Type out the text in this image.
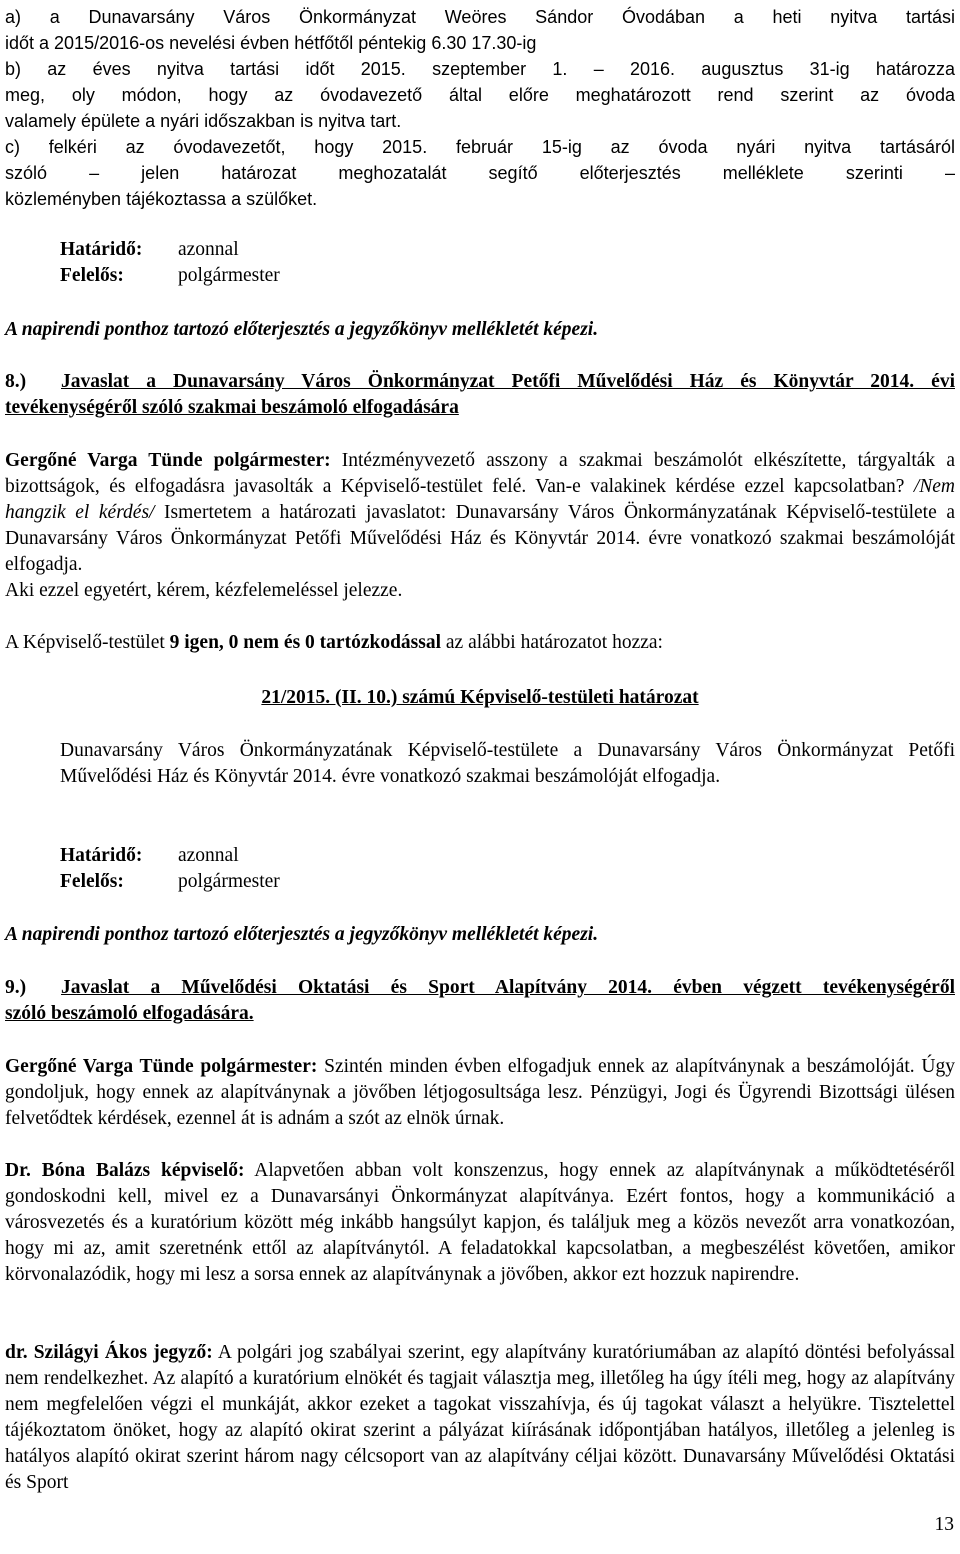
a) a Dunavarsány Város Önkormányzat Weöres Sándor Óvodában a heti nyitva tartási

időt a 2015/2016-os nevelési évben hétfőtől péntekig 6.30 17.30-ig

b) az éves nyitva tartási időt 2015. szeptember 1. – 2016. augusztus 31-ig határozza

meg, oly módon, hogy az óvodavezető által előre meghatározott rend szerint az óvoda

valamely épülete a nyári időszakban is nyitva tart.

c) felkéri az óvodavezetőt, hogy 2015. február 15-ig az óvoda nyári nyitva tartásáról

szóló – jelen határozat meghozatalát segítő előterjesztés melléklete szerinti –

közleményben tájékoztassa a szülőket.

Határidő: azonnal

Felelős:	polgármester

A napirendi ponthoz tartozó előterjesztés a jegyzőkönyv mellékletét képezi.

8.) Javaslat a Dunavarsány Város Önkormányzat Petőfi Művelődési Ház és Könyvtár 2014. évi

tevékenységéről szóló szakmai beszámoló elfogadására

Gergőné Varga Tünde polgármester: Intézményvezető asszony a szakmai beszámolót elkészítette, tárgyalták a bizottságok, és elfogadásra javasolták a Képviselő-testület felé. Van-e valakinek kérdése ezzel kapcsolatban? /Nem hangzik el kérdés/ Ismertetem a határozati javaslatot: Dunavarsány Város Önkormányzatának Képviselő-testülete a Dunavarsány Város Önkormányzat Petőfi Művelődési Ház és Könyvtár 2014. évre vonatkozó szakmai beszámolóját elfogadja.

Aki ezzel egyetért, kérem, kézfelemeléssel jelezze.

A Képviselő-testület 9 igen, 0 nem és 0 tartózkodással az alábbi határozatot hozza:

21/2015. (II. 10.) számú Képviselő-testületi határozat

Dunavarsány Város Önkormányzatának Képviselő-testülete a Dunavarsány Város Önkormányzat Petőfi Művelődési Ház és Könyvtár 2014. évre vonatkozó szakmai beszámolóját elfogadja.

Határidő: azonnal

Felelős:	polgármester

A napirendi ponthoz tartozó előterjesztés a jegyzőkönyv mellékletét képezi.

9.) Javaslat a Művelődési Oktatási és Sport Alapítvány 2014. évben végzett tevékenységéről

szóló beszámoló elfogadására.

Gergőné Varga Tünde polgármester: Szintén minden évben elfogadjuk ennek az alapítványnak a beszámolóját. Úgy gondoljuk, hogy ennek az alapítványnak a jövőben létjogosultsága lesz. Pénzügyi, Jogi és Ügyrendi Bizottsági ülésen felvetődtek kérdések, ezennel át is adnám a szót az elnök úrnak.

Dr. Bóna Balázs képviselő: Alapvetően abban volt konszenzus, hogy ennek az alapítványnak a működtetéséről gondoskodni kell, mivel ez a Dunavarsányi Önkormányzat alapítványa. Ezért fontos, hogy a kommunikáció a városvezetés és a kuratórium között még inkább hangsúlyt kapjon, és találjuk meg a közös nevezőt arra vonatkozóan, hogy mi az, amit szeretnénk ettől az alapítványtól. A feladatokkal kapcsolatban, a megbeszélést követően, amikor körvonalazódik, hogy mi lesz a sorsa ennek az alapítványnak a jövőben, akkor ezt hozzuk napirendre.

dr. Szilágyi Ákos jegyző: A polgári jog szabályai szerint, egy alapítvány kuratóriumában az alapító döntési befolyással nem rendelkezhet. Az alapító a kuratórium elnökét és tagjait választja meg, illetőleg ha úgy ítéli meg, hogy az alapítvány nem megfelelően végzi el munkáját, akkor ezeket a tagokat visszahívja, és új tagokat választ a helyükre. Tisztelettel tájékoztatom önöket, hogy az alapító okirat szerint a pályázat kiírásának időpontjában hatályos, illetőleg a jelenleg is hatályos alapító okirat szerint három nagy célcsoport van az alapítvány céljai között. Dunavarsány Művelődési Oktatási és Sport

13
